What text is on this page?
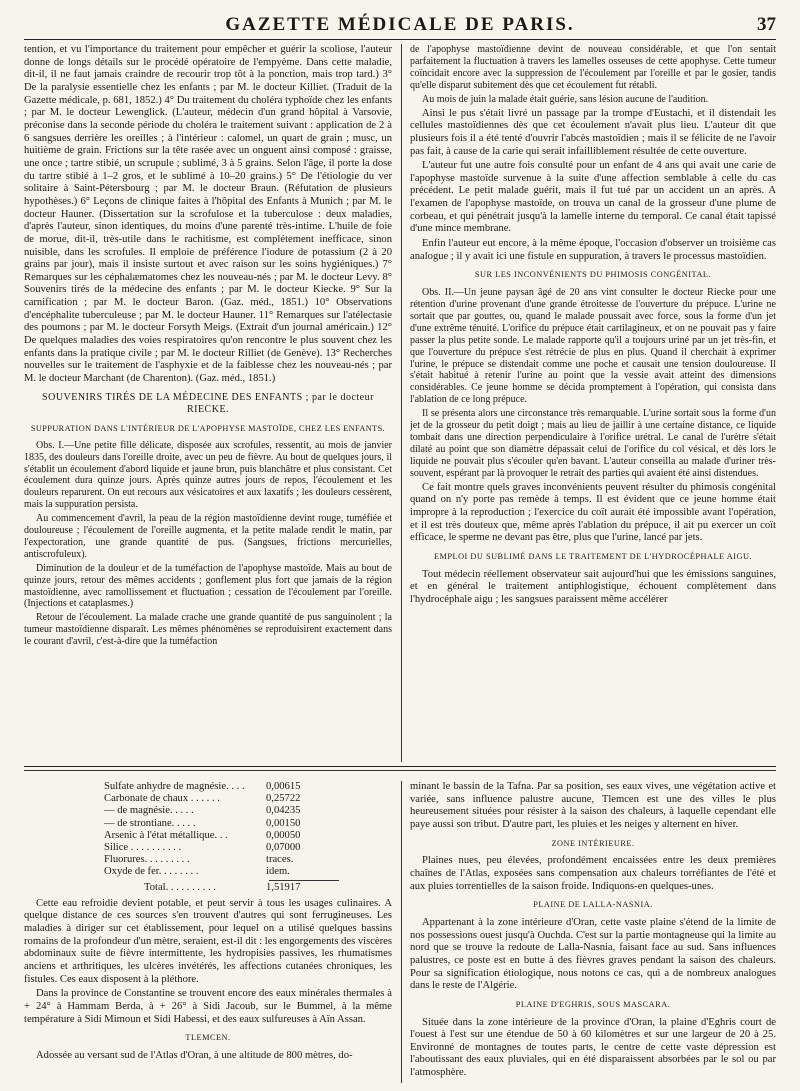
GAZETTE MÉDICALE DE PARIS.	37

tention, et vu l'importance du traitement pour empêcher et guérir la scoliose, l'auteur donne de longs détails sur le procédé opératoire de l'empyème. Dans cette maladie, dit-il, il ne faut jamais craindre de recourir trop tôt à la ponction, mais trop tard.) 3° De la paralysie essentielle chez les enfants ; par M. le docteur Killiet. (Traduit de la Gazette médicale, p. 681, 1852.) 4° Du traitement du choléra typhoïde chez les enfants ; par M. le docteur Lewenglick. (L'auteur, médecin d'un grand hôpital à Varsovie, préconise dans la seconde période du choléra le traitement suivant : application de 2 à 6 sangsues derrière les oreilles ; à l'intérieur : calomel, un quart de grain ; musc, un huitième de grain. Frictions sur la tête rasée avec un onguent ainsi composé : graisse, une once ; tartre stibié, un scrupule ; sublimé, 3 à 5 grains. Selon l'âge, il porte la dose du tartre stibié à 1–2 gros, et le sublimé à 10–20 grains.) 5° De l'étiologie du ver solitaire à Saint-Pétersbourg ; par M. le docteur Braun. (Réfutation de plusieurs hypothèses.) 6° Leçons de clinique faites à l'hôpital des Enfants à Munich ; par M. le docteur Hauner. (Dissertation sur la scrofulose et la tuberculose : deux maladies, d'après l'auteur, sinon identiques, du moins d'une parenté très-intime. L'huile de foie de morue, dit-il, très-utile dans le rachitisme, est complétement inefficace, sinon nuisible, dans les scrofules. Il emploie de préférence l'iodure de potassium (2 à 20 grains par jour), mais il insiste surtout et avec raison sur les soins hygiéniques.) 7° Remarques sur les céphalæmatomes chez les nouveau-nés ; par M. le docteur Levy. 8° Souvenirs tirés de la médecine des enfants ; par M. le docteur Kiecke. 9° Sur la carnification ; par M. le docteur Baron. (Gaz. méd., 1851.) 10° Observations d'encéphalite tuberculeuse ; par M. le docteur Hauner. 11° Remarques sur l'atélectasie des poumons ; par M. le docteur Forsyth Meigs. (Extrait d'un journal américain.) 12° De quelques maladies des voies respiratoires qu'on rencontre le plus souvent chez les enfants dans la pratique civile ; par M. le docteur Rilliet (de Genève). 13° Recherches nouvelles sur le traitement de l'asphyxie et de la faiblesse chez les nouveau-nés ; par M. le docteur Marchant (de Charenton). (Gaz. méd., 1851.)

SOUVENIRS TIRÉS DE LA MÉDECINE DES ENFANTS ; par le docteur RIECKE.
SUPPURATION DANS L'INTÉRIEUR DE L'APOPHYSE MASTOÏDE, CHEZ LES ENFANTS.

Obs. I.—Une petite fille délicate, disposée aux scrofules, ressentit, au mois de janvier 1835, des douleurs dans l'oreille droite, avec un peu de fièvre. Au bout de quelques jours, il s'établit un écoulement d'abord liquide et jaune brun, puis blanchâtre et plus consistant. Cet écoulement dura quinze jours. Après quinze autres jours de repos, l'écoulement et les douleurs reparurent. On eut recours aux vésicatoires et aux laxatifs ; les douleurs cessèrent, mais la suppuration persista.

Au commencement d'avril, la peau de la région mastoïdienne devint rouge, tuméfiée et douloureuse ; l'écoulement de l'oreille augmenta, et la petite malade rendit le matin, par l'expectoration, une grande quantité de pus. (Sangsues, frictions mercurielles, antiscrofuleux).

Diminution de la douleur et de la tuméfaction de l'apophyse mastoïde. Mais au bout de quinze jours, retour des mêmes accidents ; gonflement plus fort que jamais de la région mastoïdienne, avec ramollissement et fluctuation ; cessation de l'écoulement par l'oreille. (Injections et cataplasmes.)

Retour de l'écoulement. La malade crache une grande quantité de pus sanguinolent ; la tumeur mastoïdienne disparaît. Les mêmes phénomènes se reproduisirent exactement dans le courant d'avril, c'est-à-dire que la tuméfaction

de l'apophyse mastoïdienne devint de nouveau considérable, et que l'on sentait parfaitement la fluctuation à travers les lamelles osseuses de cette apophyse. Cette tumeur coïncidait encore avec la suppression de l'écoulement par l'oreille et par le gosier, tandis qu'elle disparut subitement dès que cet écoulement fut rétabli.

Au mois de juin la malade était guérie, sans lésion aucune de l'audition.

Ainsi le pus s'était livré un passage par la trompe d'Eustachi, et il distendait les cellules mastoïdiennes dès que cet écoulement n'avait plus lieu. L'auteur dit que plusieurs fois il a été tenté d'ouvrir l'abcès mastoïdien ; mais il se félicite de ne l'avoir pas fait, à cause de la carie qui serait infailliblement résultée de cette ouverture.

L'auteur fut une autre fois consulté pour un enfant de 4 ans qui avait une carie de l'apophyse mastoïde survenue à la suite d'une affection semblable à celle du cas précédent. Le petit malade guérit, mais il fut tué par un accident un an après. A l'examen de l'apophyse mastoïde, on trouva un canal de la grosseur d'une plume de corbeau, et qui pénétrait jusqu'à la lamelle interne du temporal. Ce canal était tapissé d'une mince membrane.

Enfin l'auteur eut encore, à la même époque, l'occasion d'observer un troisième cas analogue ; il y avait ici une fistule en suppuration, à travers le processus mastoïdien.

SUR LES INCONVÉNIENTS DU PHIMOSIS CONGÉNITAL.

Obs. II.—Un jeune paysan âgé de 20 ans vint consulter le docteur Riecke pour une rétention d'urine provenant d'une grande étroitesse de l'ouverture du prépuce. L'urine ne sortait que par gouttes, ou, quand le malade poussait avec force, sous la forme d'un jet d'une extrême ténuité. L'orifice du prépuce était cartilagineux, et on ne pouvait pas y faire passer la plus petite sonde. Le malade rapporte qu'il a toujours uriné par un jet très-fin, et que l'ouverture du prépuce s'est rétrécie de plus en plus. Quand il cherchait à exprimer l'urine, le prépuce se distendait comme une poche et causait une tension douloureuse. Il s'était habitué à retenir l'urine au point que la vessie avait atteint des dimensions considérables. Ce jeune homme se décida promptement à l'opération, qui consista dans l'ablation de ce long prépuce.

Il se présenta alors une circonstance très remarquable. L'urine sortait sous la forme d'un jet de la grosseur du petit doigt ; mais au lieu de jaillir à une certaine distance, ce liquide tombait dans une direction perpendiculaire à l'orifice urétral. Le canal de l'urètre s'était dilaté au point que son diamètre dépassait celui de l'orifice du col vésical, et dès lors le liquide ne pouvait plus s'écouler qu'en bavant. L'auteur conseilla au malade d'uriner très-souvent, espérant par là provoquer le retrait des parties qui avaient été ainsi distendues.

Ce fait montre quels graves inconvénients peuvent résulter du phimosis congénital quand on n'y porte pas remède à temps. Il est évident que ce jeune homme était impropre à la reproduction ; l'exercice du coït aurait été impossible avant l'opération, et il est très douteux que, même après l'ablation du prépuce, il ait pu exercer un coït efficace, le sperme ne devant pas être, plus que l'urine, lancé par jets.

EMPLOI DU SUBLIMÉ DANS LE TRAITEMENT DE L'HYDROCÉPHALE AIGU.

Tout médecin réellement observateur sait aujourd'hui que les émissions sanguines, et en général le traitement antiphlogistique, échouent complètement dans l'hydrocéphale aigu ; les sangsues paraissent même accélérer

Sulfate anhydre de magnésie. . . .	0,00615
Carbonate de chaux . . . . . .	0,25722
— de magnésie. . . . .	0,04235
— de strontiane. . . . .	0,00150
Arsenic à l'état métallique. . .	0,00050
Silice . . . . . . . . . .	0,07000
Fluorures. . . . . . . . .	traces.
Oxyde de fer. . . . . . . .	idem.
Total. . . . . . . . . .	1,51917

Cette eau refroidie devient potable, et peut servir à tous les usages culinaires. A quelque distance de ces sources s'en trouvent d'autres qui sont ferrugineuses. Les maladies à diriger sur cet établissement, pour lequel on a utilisé quelques bassins romains de la profondeur d'un mètre, seraient, est-il dit : les engorgements des viscères abdominaux suite de fièvre intermittente, les hydropisies passives, les rhumatismes anciens et arthritiques, les ulcères invétérés, les affections cutanées chroniques, les fistules. Ces eaux disposent à la pléthore.

Dans la province de Constantine se trouvent encore des eaux minérales thermales à + 24° à Hammam Berda, à + 26° à Sidi Jacoub, sur le Bummel, à la même température à Sidi Mimoun et Sidi Habessi, et des eaux sulfureuses à Aïn Assan.

TLEMCEN.

Adossée au versant sud de l'Atlas d'Oran, à une altitude de 800 mètres, do-

minant le bassin de la Tafna. Par sa position, ses eaux vives, une végétation active et variée, sans influence palustre aucune, Tlemcen est une des villes le plus heureusement situées pour résister à la saison des chaleurs, à laquelle cependant elle paye aussi son tribut. D'autre part, les pluies et les neiges y alternent en hiver.

ZONE INTÉRIEURE.

Plaines nues, peu élevées, profondément encaissées entre les deux premières chaînes de l'Atlas, exposées sans compensation aux chaleurs torréfiantes de l'été et aux pluies torrentielles de la saison froide. Indiquons-en quelques-unes.

PLAINE DE LALLA-NASNIA.

Appartenant à la zone intérieure d'Oran, cette vaste plaine s'étend de la limite de nos possessions ouest jusqu'à Ouchda. C'est sur la partie montagneuse qui la limite au nord que se trouve la redoute de Lalla-Nasnia, faisant face au sud. Sans influences palustres, ce poste est en butte à des fièvres graves pendant la saison des chaleurs. Pour sa signification étiologique, nous notons ce cas, qui a de nombreux analogues dans le reste de l'Algérie.

PLAINE D'EGHRIS, SOUS MASCARA.

Située dans la zone intérieure de la province d'Oran, la plaine d'Eghris court de l'ouest à l'est sur une étendue de 50 à 60 kilomètres et sur une largeur de 20 à 25. Environné de montagnes de toutes parts, le centre de cette vaste dépression est l'aboutissant des eaux pluviales, qui en été disparaissent absorbées par le sol ou par l'atmosphère.
